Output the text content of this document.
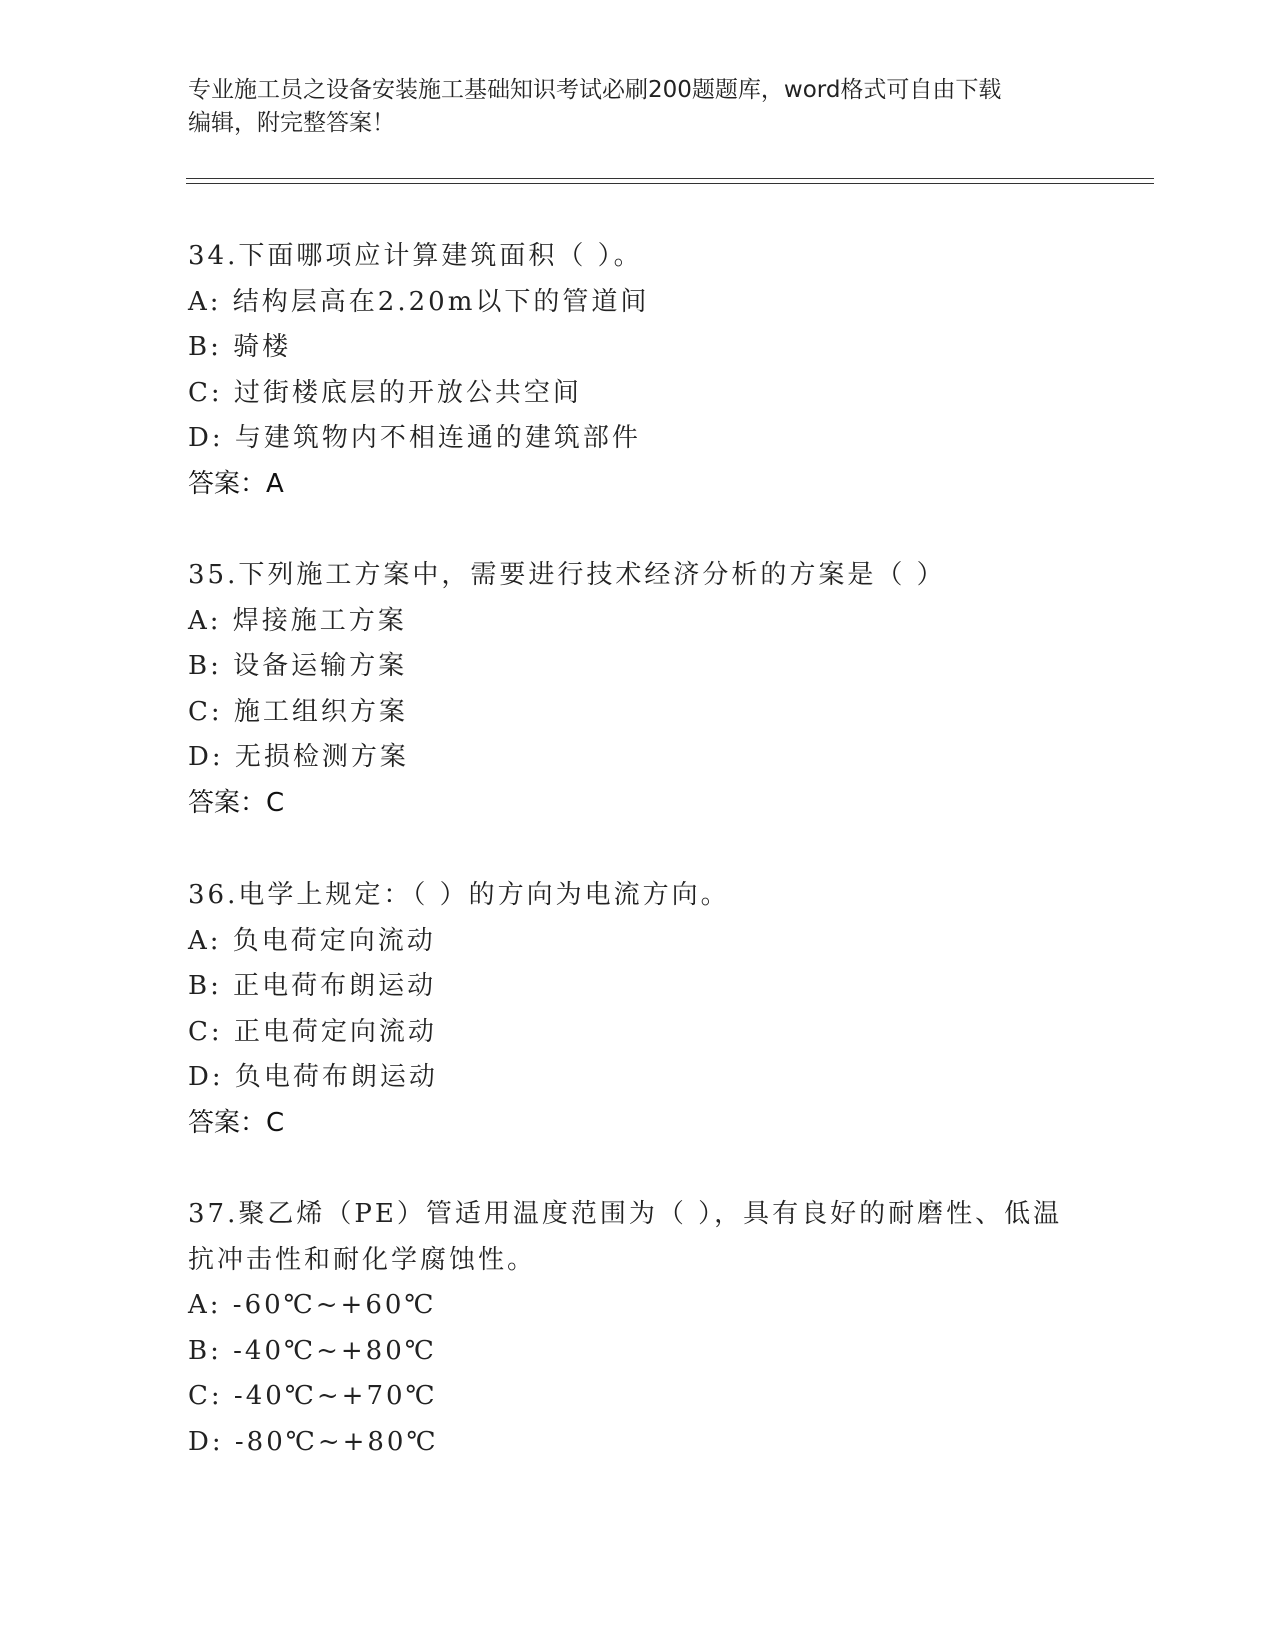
专业施工员之设备安装施工基础知识考试必刷200题题库，word格式可自由下载
编辑，附完整答案！
34.下面哪项应计算建筑面积（ ）。
A: 结构层高在2.20m以下的管道间
B: 骑楼
C: 过街楼底层的开放公共空间
D: 与建筑物内不相连通的建筑部件
答案：A
35.下列施工方案中，需要进行技术经济分析的方案是（ ）
A: 焊接施工方案
B: 设备运输方案
C: 施工组织方案
D: 无损检测方案
答案：C
36.电学上规定：（ ）的方向为电流方向。
A: 负电荷定向流动
B: 正电荷布朗运动
C: 正电荷定向流动
D: 负电荷布朗运动
答案：C
37.聚乙烯（PE）管适用温度范围为（ ），具有良好的耐磨性、低温
抗冲击性和耐化学腐蚀性。
A: -60℃~+60℃
B: -40℃~+80℃
C: -40℃~+70℃
D: -80℃~+80℃
